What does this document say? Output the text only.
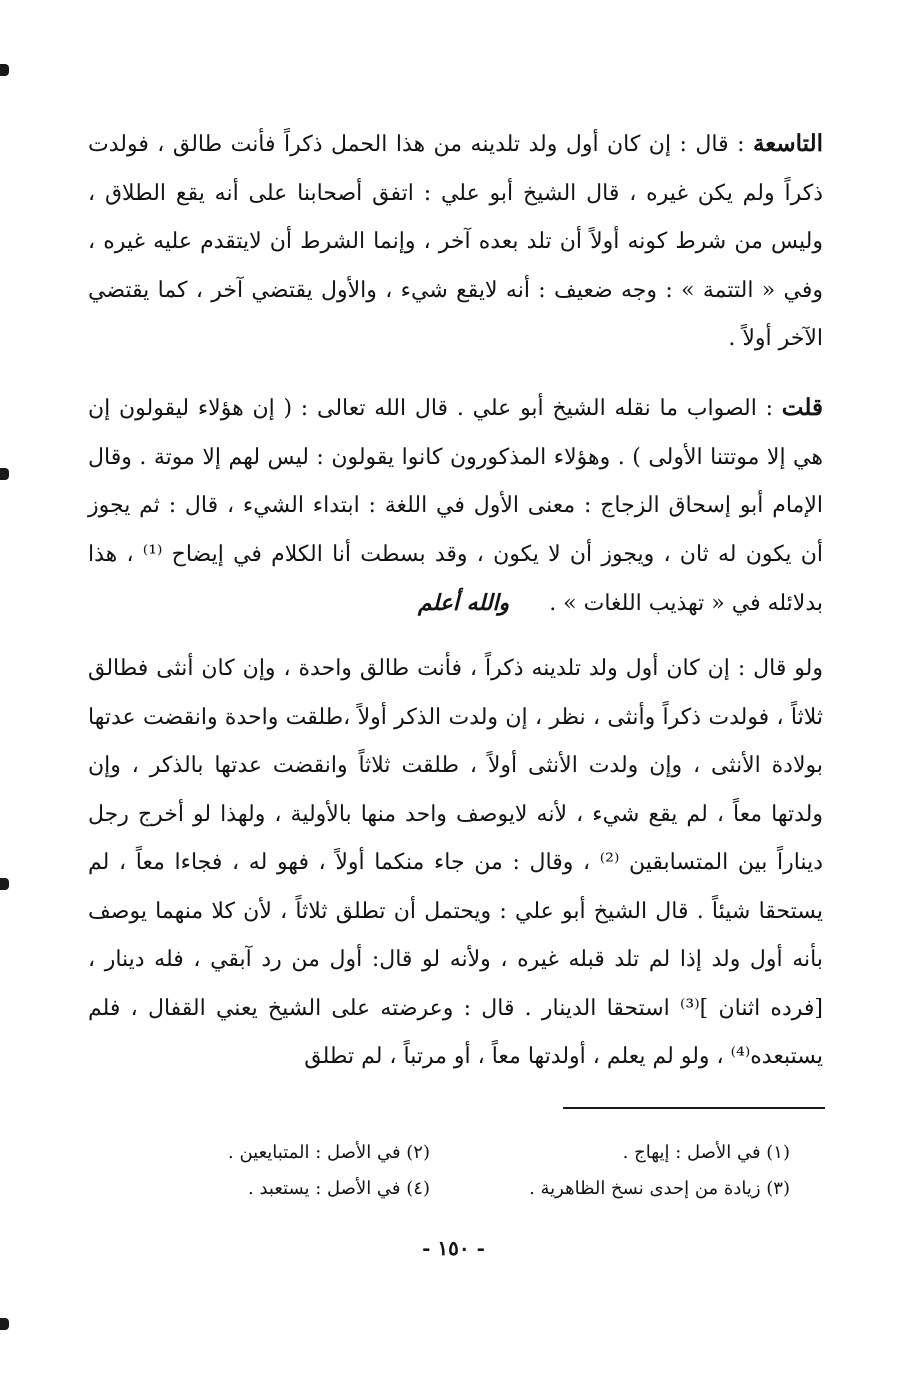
التاسعة : قال : إن كان أول ولد تلدينه من هذا الحمل ذكراً فأنت طالق ، فولدت ذكراً ولم يكن غيره ، قال الشيخ أبو علي : اتفق أصحابنا على أنه يقع الطلاق ، وليس من شرط كونه أولاً أن تلد بعده آخر ، وإنما الشرط أن لايتقدم عليه غيره ، وفي « التتمة » : وجه ضعيف : أنه لايقع شيء ، والأول يقتضي آخر ، كما يقتضي الآخر أولاً .

قلت : الصواب ما نقله الشيخ أبو علي . قال الله تعالى : ( إن هؤلاء ليقولون إن هي إلا موتتنا الأولى ) . وهؤلاء المذكورون كانوا يقولون : ليس لهم إلا موتة . وقال الإمام أبو إسحاق الزجاج : معنى الأول في اللغة : ابتداء الشيء ، قال : ثم يجوز أن يكون له ثان ، ويجوز أن لا يكون ، وقد بسطت أنا الكلام في إيضاح ⁽¹⁾ ، هذا بدلائله في « تهذيب اللغات » .والله أعلم

ولو قال : إن كان أول ولد تلدينه ذكراً ، فأنت طالق واحدة ، وإن كان أنثى فطالق ثلاثاً ، فولدت ذكراً وأنثى ، نظر ، إن ولدت الذكر أولاً ،طلقت واحدة وانقضت عدتها بولادة الأنثى ، وإن ولدت الأنثى أولاً ، طلقت ثلاثاً وانقضت عدتها بالذكر ، وإن ولدتها معاً ، لم يقع شيء ، لأنه لايوصف واحد منها بالأولية ، ولهذا لو أخرج رجل ديناراً بين المتسابقين ⁽²⁾ ، وقال : من جاء منكما أولاً ، فهو له ، فجاءا معاً ، لم يستحقا شيئاً . قال الشيخ أبو علي : ويحتمل أن تطلق ثلاثاً ، لأن كلا منهما يوصف بأنه أول ولد إذا لم تلد قبله غيره ، ولأنه لو قال: أول من رد آبقي ، فله دينار ، [فرده اثنان ]⁽³⁾ استحقا الدينار . قال : وعرضته على الشيخ يعني القفال ، فلم يستبعده⁽⁴⁾ ، ولو لم يعلم ، أولدتها معاً ، أو مرتباً ، لم تطلق

(١) في الأصل : إيهاج .
(٢) في الأصل : المتبايعين .
(٣) زيادة من إحدى نسخ الظاهرية .
(٤) في الأصل : يستعبد .
- ١٥٠ -
